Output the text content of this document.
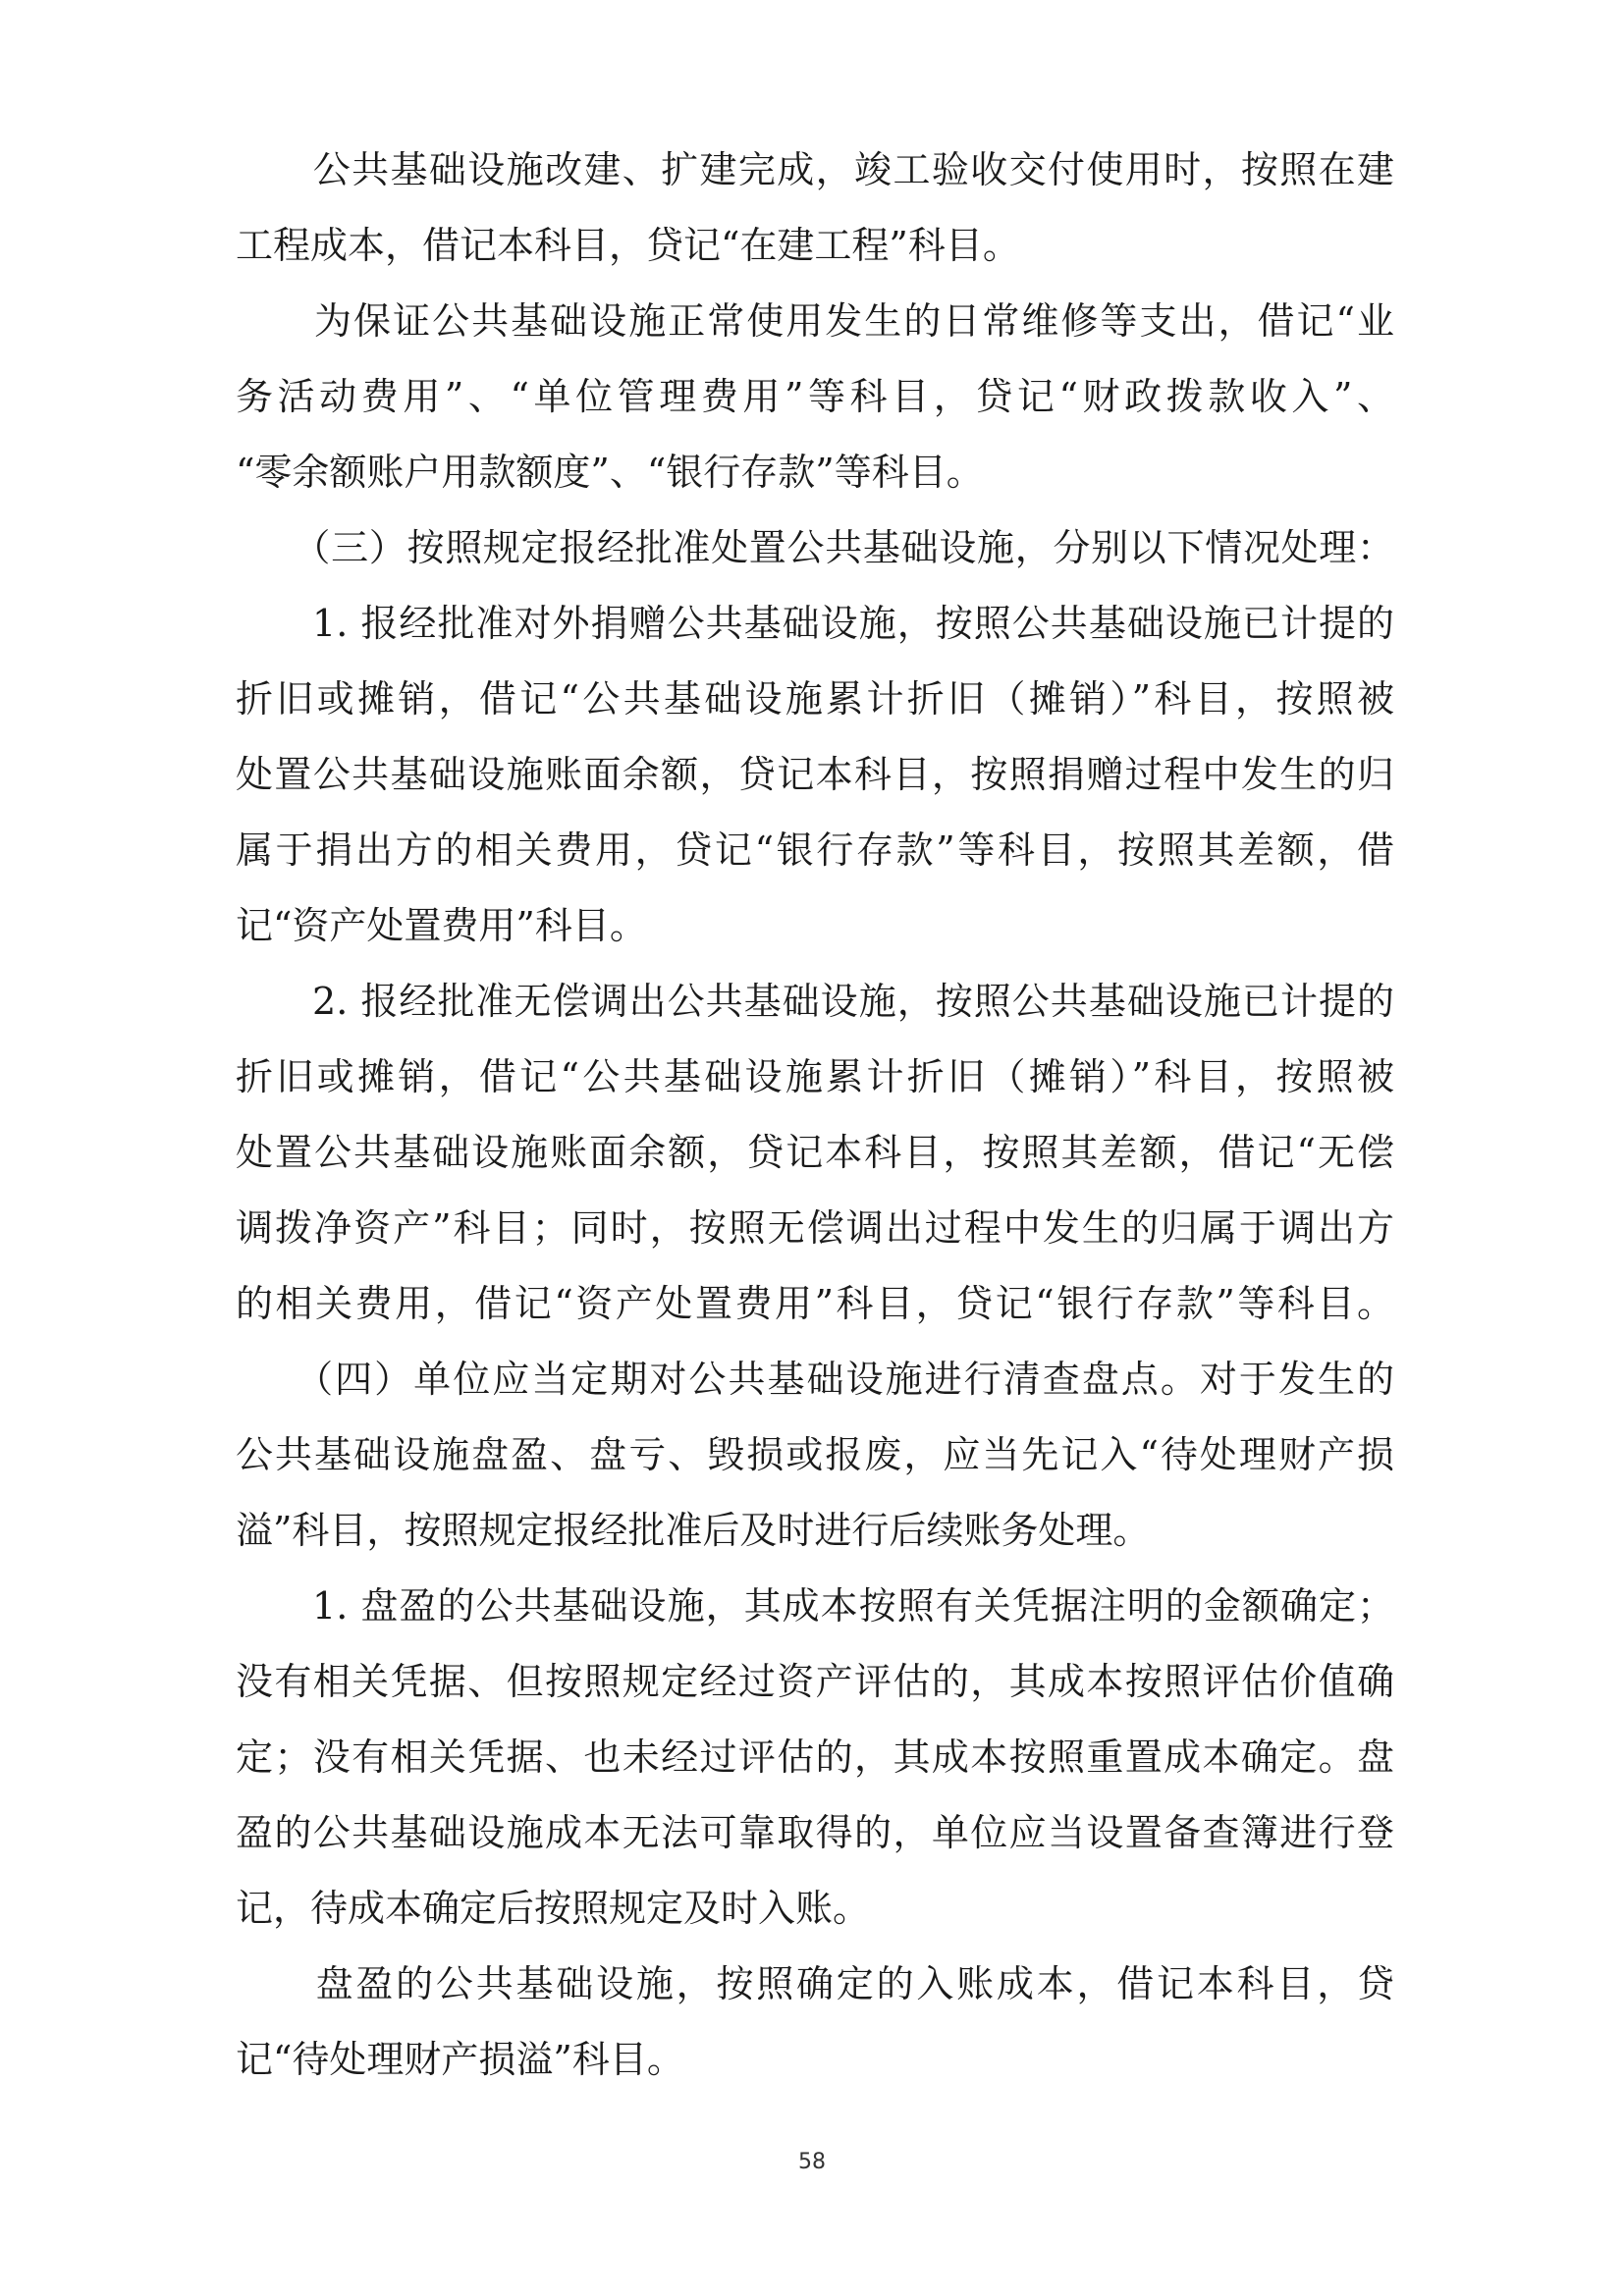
　　公共基础设施改建、扩建完成，竣工验收交付使用时，按照在建
工程成本，借记本科目，贷记“在建工程”科目。
　　为保证公共基础设施正常使用发生的日常维修等支出，借记“业
务活动费用”、“单位管理费用”等科目，贷记“财政拨款收入”、
“零余额账户用款额度”、“银行存款”等科目。
　　（三）按照规定报经批准处置公共基础设施，分别以下情况处理：
　　1. 报经批准对外捐赠公共基础设施，按照公共基础设施已计提的
折旧或摊销，借记“公共基础设施累计折旧（摊销）”科目，按照被
处置公共基础设施账面余额，贷记本科目，按照捐赠过程中发生的归
属于捐出方的相关费用，贷记“银行存款”等科目，按照其差额，借
记“资产处置费用”科目。
　　2. 报经批准无偿调出公共基础设施，按照公共基础设施已计提的
折旧或摊销，借记“公共基础设施累计折旧（摊销）”科目，按照被
处置公共基础设施账面余额，贷记本科目，按照其差额，借记“无偿
调拨净资产”科目；同时，按照无偿调出过程中发生的归属于调出方
的相关费用，借记“资产处置费用”科目，贷记“银行存款”等科目。
　　（四）单位应当定期对公共基础设施进行清查盘点。对于发生的
公共基础设施盘盈、盘亏、毁损或报废，应当先记入“待处理财产损
溢”科目，按照规定报经批准后及时进行后续账务处理。
　　1. 盘盈的公共基础设施，其成本按照有关凭据注明的金额确定；
没有相关凭据、但按照规定经过资产评估的，其成本按照评估价值确
定；没有相关凭据、也未经过评估的，其成本按照重置成本确定。盘
盈的公共基础设施成本无法可靠取得的，单位应当设置备查簿进行登
记，待成本确定后按照规定及时入账。
　　盘盈的公共基础设施，按照确定的入账成本，借记本科目，贷
记“待处理财产损溢”科目。
58
